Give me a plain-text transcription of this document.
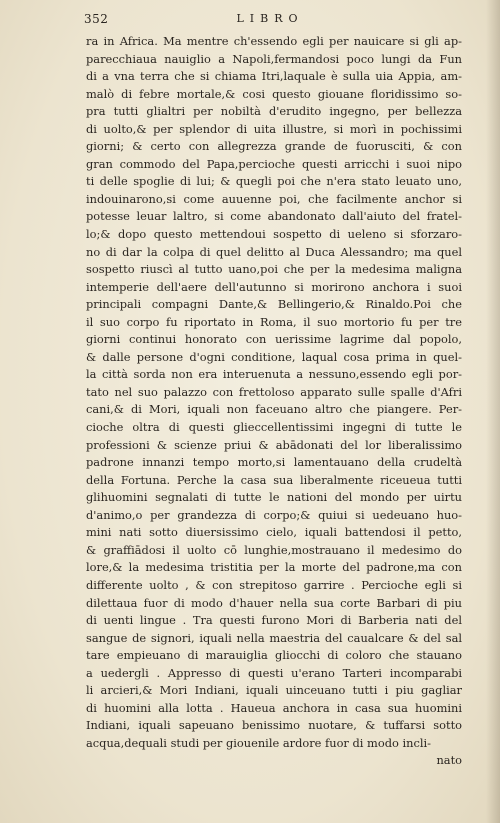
352	LIBRO
ra in Africa. Ma mentre ch'essendo egli per nauicare si gli ap-
parecchiaua nauiglio a Napoli,fermandosi poco lungi da Fun
di a vna terra che si chiama Itri,laquale è sulla uia Appia, am-
malò di febre mortale,& cosi questo giouane floridissimo so-
pra tutti glialtri per nobiltà d'erudito ingegno, per bellezza
di uolto,& per splendor di uita illustre, si morì in pochissimi
giorni; & certo con allegrezza grande de fuorusciti, & con
gran commodo del Papa,percioche questi arricchi i suoi nipo
ti delle spoglie di lui; & quegli poi che n'era stato leuato uno,
indouinarono,si come auuenne poi, che facilmente anchor si
potesse leuar laltro, si come abandonato dall'aiuto del fratel-
lo;& dopo questo mettendoui sospetto di ueleno si sforzaro-
no di dar la colpa di quel delitto al Duca Alessandro; ma quel
sospetto riuscì al tutto uano,poi che per la medesima maligna
intemperie dell'aere dell'autunno si morirono anchora i suoi
principali compagni Dante,& Bellingerio,& Rinaldo.Poi che
il suo corpo fu riportato in Roma, il suo mortorio fu per tre
giorni continui honorato con uerissime lagrime dal popolo,
& dalle persone d'ogni conditione, laqual cosa prima in quel-
la città sorda non era interuenuta a nessuno,essendo egli por-
tato nel suo palazzo con frettoloso apparato sulle spalle d'Afri
cani,& di Mori, iquali non faceuano altro che piangere. Per-
cioche oltra di questi glieccellentissimi ingegni di tutte le
professioni & scienze priui & abādonati del lor liberalissimo
padrone innanzi tempo morto,si lamentauano della crudeltà
della Fortuna. Perche la casa sua liberalmente riceueua tutti
glihuomini segnalati di tutte le nationi del mondo per uirtu
d'animo,o per grandezza di corpo;& quiui si uedeuano huo-
mini nati sotto diuersissimo cielo, iquali battendosi il petto,
& graffiādosi il uolto cō lunghie,mostrauano il medesimo do
lore,& la medesima tristitia per la morte del padrone,ma con
differente uolto , & con strepitoso garrire . Percioche egli si
dilettaua fuor di modo d'hauer nella sua corte Barbari di piu
di uenti lingue . Tra questi furono Mori di Barberia nati del
sangue de signori, iquali nella maestria del caualcare & del sal
tare empieuano di marauiglia gliocchi di coloro che stauano
a uedergli . Appresso di questi u'erano Tarteri incomparabi
li arcieri,& Mori Indiani, iquali uinceuano tutti i piu gagliar
di huomini alla lotta . Haueua anchora in casa sua huomini
Indiani, iquali sapeuano benissimo nuotare, & tuffarsi sotto
acqua,dequali studi per giouenile ardore fuor di modo incli-
nato
